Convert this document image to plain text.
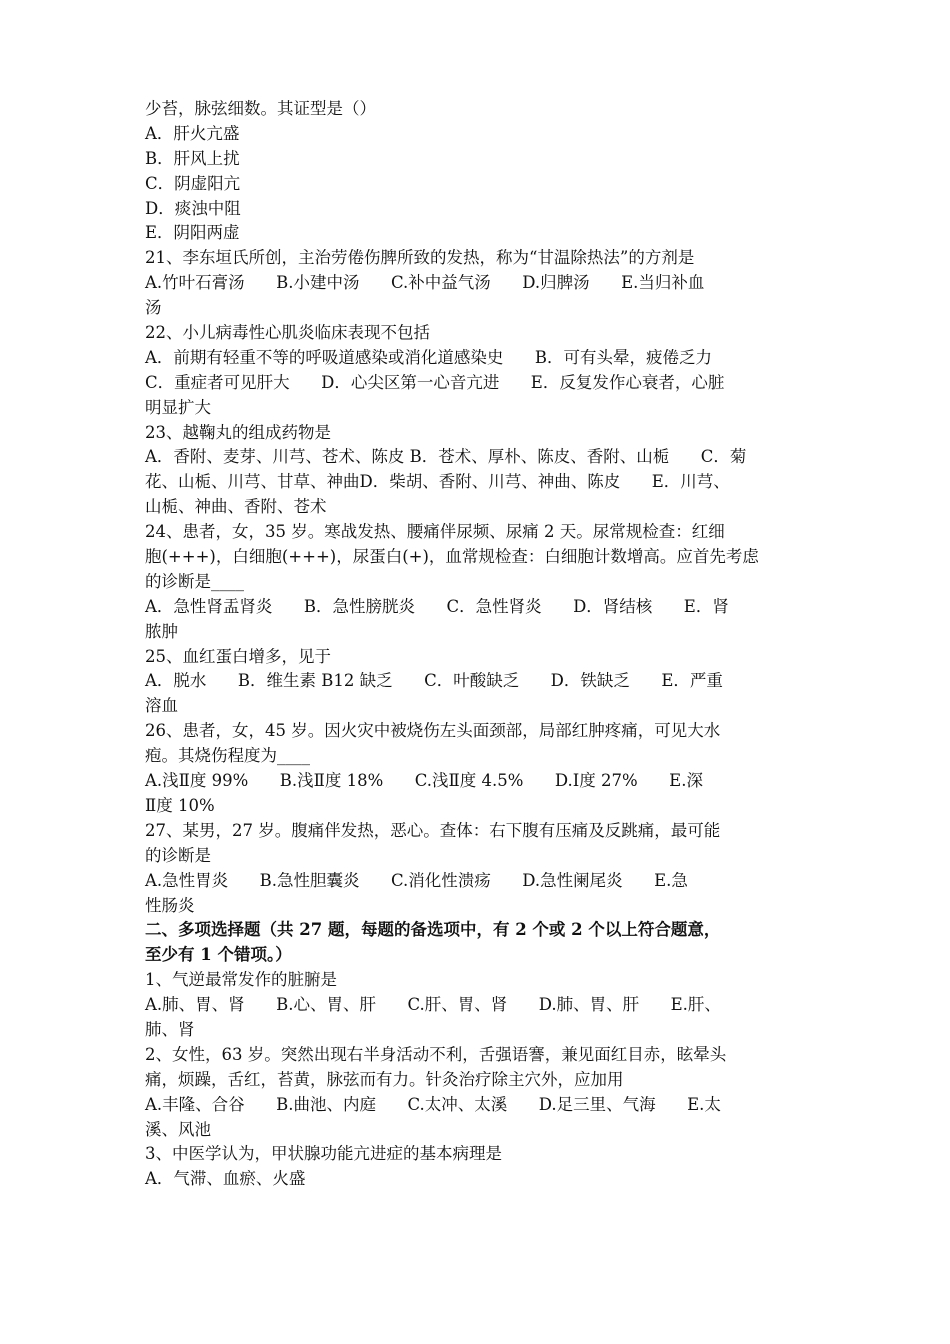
少苔，脉弦细数。其证型是（）
A．肝火亢盛
B．肝风上扰
C．阴虚阳亢
D．痰浊中阻
E．阴阳两虚
21、李东垣氏所创，主治劳倦伤脾所致的发热，称为“甘温除热法”的方剂是
A.竹叶石膏汤      B.小建中汤      C.补中益气汤      D.归脾汤      E.当归补血
汤
22、小儿病毒性心肌炎临床表现不包括
A．前期有轻重不等的呼吸道感染或消化道感染史      B．可有头晕，疲倦乏力
C．重症者可见肝大      D．心尖区第一心音亢进      E．反复发作心衰者，心脏
明显扩大
23、越鞠丸的组成药物是
A．香附、麦芽、川芎、苍术、陈皮 B．苍术、厚朴、陈皮、香附、山栀      C．菊
花、山栀、川芎、甘草、神曲D．柴胡、香附、川芎、神曲、陈皮      E．川芎、
山栀、神曲、香附、苍术
24、患者，女，35 岁。寒战发热、腰痛伴尿频、尿痛 2 天。尿常规检查：红细
胞(+++)，白细胞(+++)，尿蛋白(+)，血常规检查：白细胞计数增高。应首先考虑
的诊断是____
A．急性肾盂肾炎      B．急性膀胱炎      C．急性肾炎      D．肾结核      E．肾
脓肿
25、血红蛋白增多，见于
A．脱水      B．维生素 B12 缺乏      C．叶酸缺乏      D．铁缺乏      E．严重
溶血
26、患者，女，45 岁。因火灾中被烧伤左头面颈部，局部红肿疼痛，可见大水
疱。其烧伤程度为____
A.浅Ⅱ度 99%      B.浅Ⅱ度 18%      C.浅Ⅱ度 4.5%      D.Ⅰ度 27%      E.深
Ⅱ度 10%
27、某男，27 岁。腹痛伴发热，恶心。查体：右下腹有压痛及反跳痛，最可能
的诊断是
A.急性胃炎      B.急性胆囊炎      C.消化性溃疡      D.急性阑尾炎      E.急
性肠炎
二、多项选择题（共 27 题，每题的备选项中，有 2 个或 2 个以上符合题意，
至少有 1 个错项。）
1、气逆最常发作的脏腑是
A.肺、胃、肾      B.心、胃、肝      C.肝、胃、肾      D.肺、胃、肝      E.肝、
肺、肾
2、女性，63 岁。突然出现右半身活动不利，舌强语謇，兼见面红目赤，眩晕头
痛，烦躁，舌红，苔黄，脉弦而有力。针灸治疗除主穴外，应加用
A.丰隆、合谷      B.曲池、内庭      C.太冲、太溪      D.足三里、气海      E.太
溪、风池
3、中医学认为，甲状腺功能亢进症的基本病理是
A．气滞、血瘀、火盛
